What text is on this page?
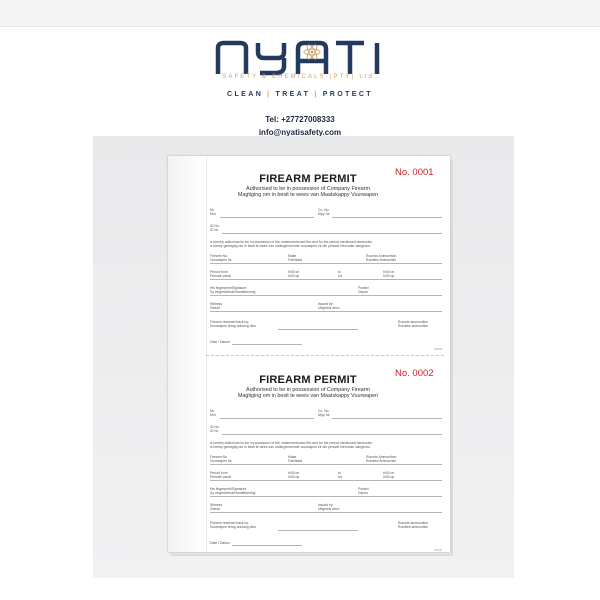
SAFETY & CHEMICALS (PTY) Ltd.
CLEAN | TREAT | PROTECT
Tel: +27727008333
info@nyatisafety.com
FIREARM PERMIT
No. 0001
Authorised to be in possession of Company Firearm
Magtiging om in besit te wees van Maatskappy Vuurwapen
Mr
Mnr
Co. No.
Mpy. Nr.
ID No.
ID Nr.
is hereby authorised to be in possession of the undermentioned fire-arm for the period mentioned hereunder.
is hierby gemagtig om in besit te wees van ondergenoemde vuurwapen vir die periode hieronder aangedui.
Firearm No.
Vuurwapen Nr.
Make
Fabrikaat
Rounds Ammunition
Rondtes Ammunisie
Period from
Periode vanaf
h/00 on
h/00 op
to
tot
h/00 on
h/00 op
His fingerprint/Signature
Sy vingerafdruk/Handtekening
Posted
Gepos
Witness
Getuie
Issued by:
Uitgereik deur:
Firearm received back by:
Vuurwapen terug ontvang deur
Rounds ammunition
Rondtes ammunisie
Date / Datum
000/00
FIREARM PERMIT
No. 0002
Authorised to be in possession of Company Firearm
Magtiging om in besit te wees van Maatskappy Vuurwapen
Mr
Mnr
Co. No.
Mpy. Nr.
ID No.
ID Nr.
is hereby authorised to be in possession of the undermentioned fire-arm for the period mentioned hereunder.
is hierby gemagtig om in besit te wees van ondergenoemde vuurwapen vir die periode hieronder aangedui.
Firearm No.
Vuurwapen Nr.
Make
Fabrikaat
Rounds Ammunition
Rondtes Ammunisie
Period from
Periode vanaf
h/00 on
h/00 op
to
tot
h/00 on
h/00 op
His fingerprint/Signature
Sy vingerafdruk/Handtekening
Posted
Gepos
Witness
Getuie
Issued by:
Uitgereik deur:
Firearm received back by:
Vuurwapen terug ontvang deur
Rounds ammunition
Rondtes ammunisie
Date / Datum
000/00
